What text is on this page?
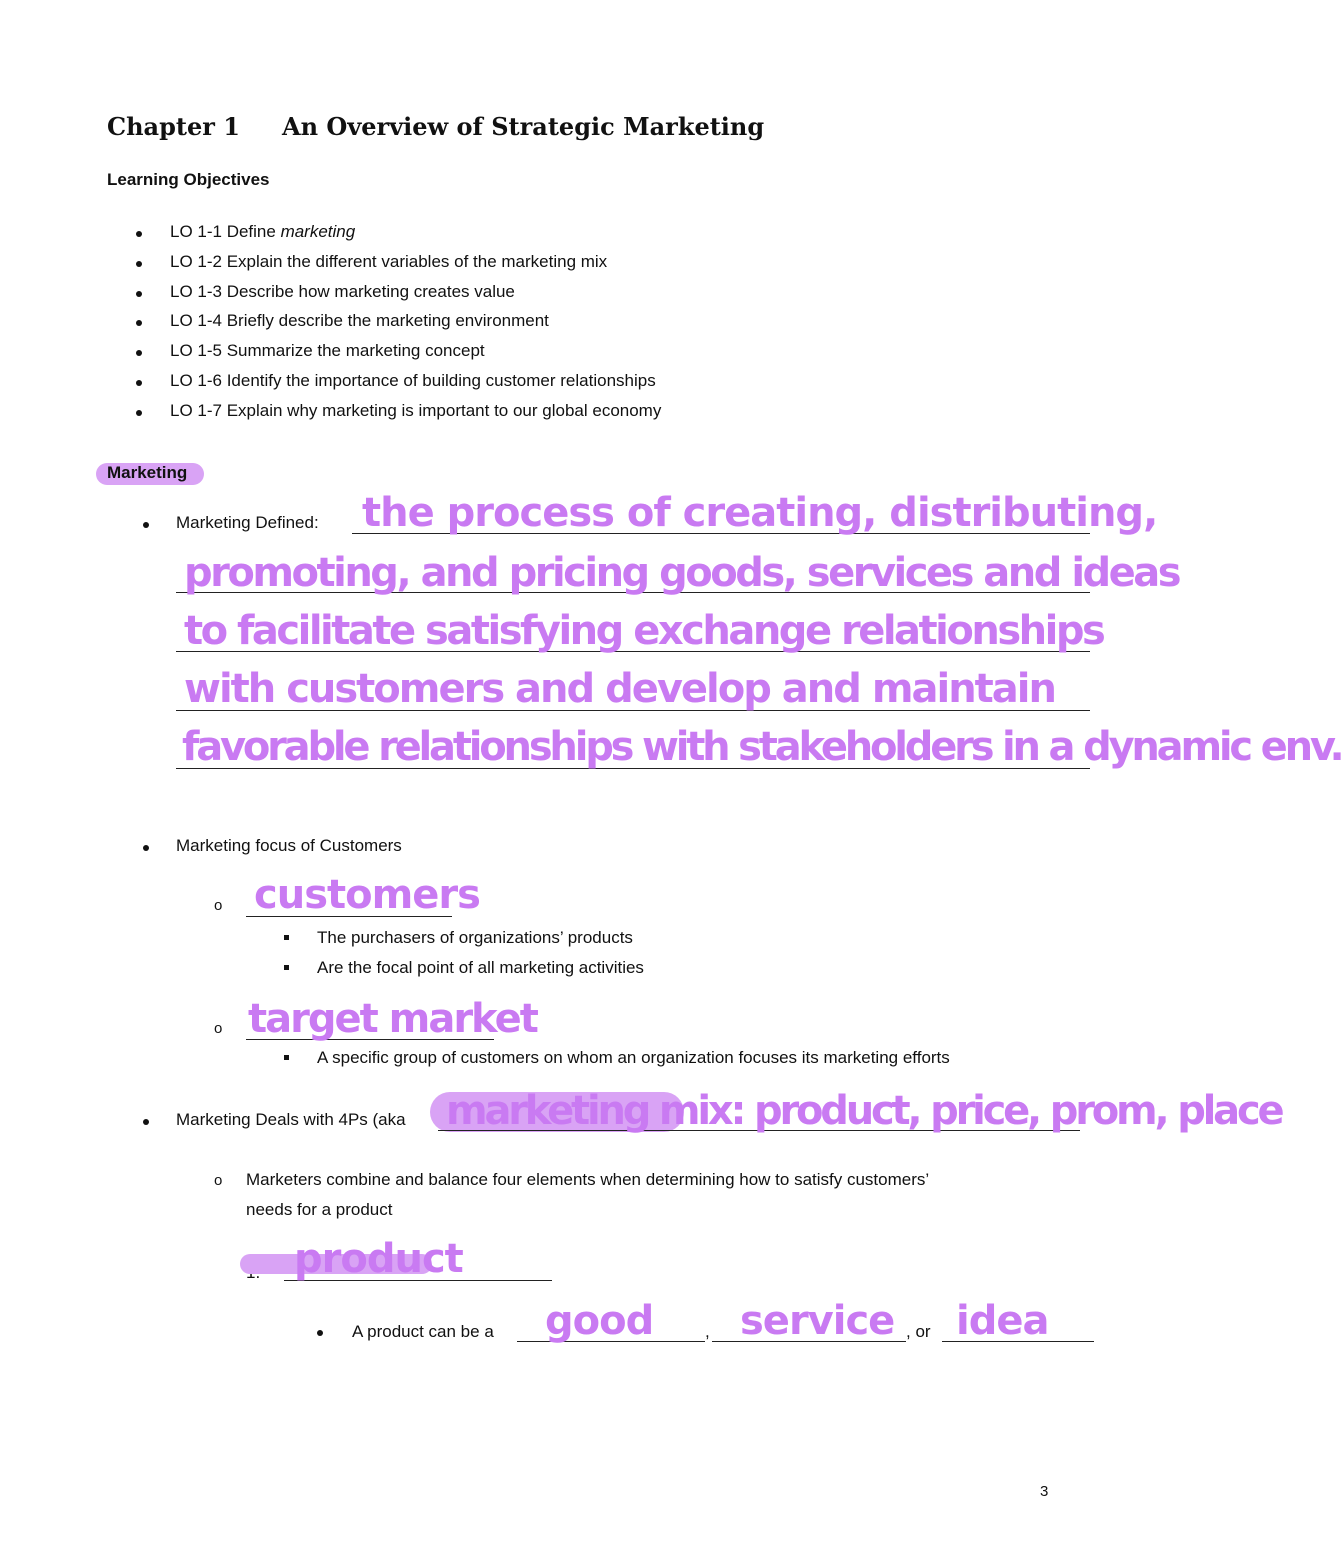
Chapter 1 An Overview of Strategic Marketing
Learning Objectives
LO 1-1 Define marketing
LO 1-2 Explain the different variables of the marketing mix
LO 1-3 Describe how marketing creates value
LO 1-4 Briefly describe the marketing environment
LO 1-5 Summarize the marketing concept
LO 1-6 Identify the importance of building customer relationships
LO 1-7 Explain why marketing is important to our global economy
Marketing
Marketing Defined: the process of creating, distributing,
promoting, and pricing goods, services and ideas
to facilitate satisfying exchange relationships
with customers and develop and maintain
favorable relationships with stakeholders in a dynamic env.
Marketing focus of Customers
o customers
The purchasers of organizations’ products
Are the focal point of all marketing activities
o target market
A specific group of customers on whom an organization focuses its marketing efforts
Marketing Deals with 4Ps (aka marketing mix: product, price, prom, place
o Marketers combine and balance four elements when determining how to satisfy customers’
needs for a product
product
A product can be a	,	, or
good service idea
3
